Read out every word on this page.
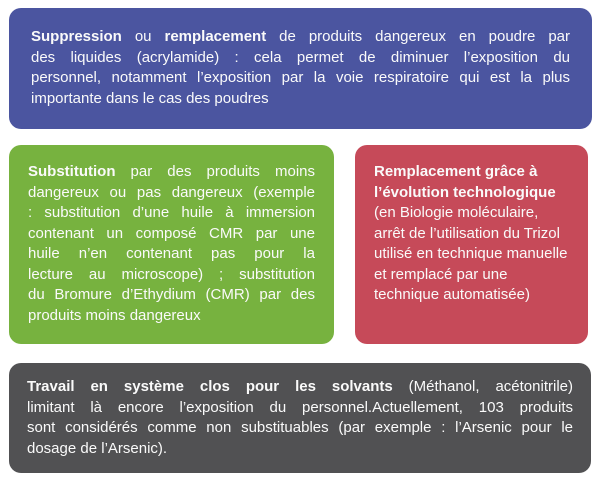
Suppression ou remplacement de produits dangereux en poudre par
des liquides (acrylamide) : cela permet de diminuer l’exposition du
personnel, notamment l’exposition par la voie respiratoire qui est la plus
importante dans le cas des poudres
Substitution par des produits moins
dangereux ou pas dangereux (exemple
: substitution d’une huile à immersion
contenant un composé CMR par une
huile n’en contenant pas pour la
lecture au microscope) ; substitution
du Bromure d’Ethydium (CMR) par des
produits moins dangereux
Remplacement grâce à
l’évolution technologique
(en Biologie moléculaire,
arrêt de l’utilisation du Trizol
utilisé en technique manuelle
et remplacé par une
technique automatisée)
Travail en système clos pour les solvants (Méthanol, acétonitrile)
limitant là encore l’exposition du personnel.Actuellement, 103 produits
sont considérés comme non substituables (par exemple : l’Arsenic pour le
dosage de l’Arsenic).
